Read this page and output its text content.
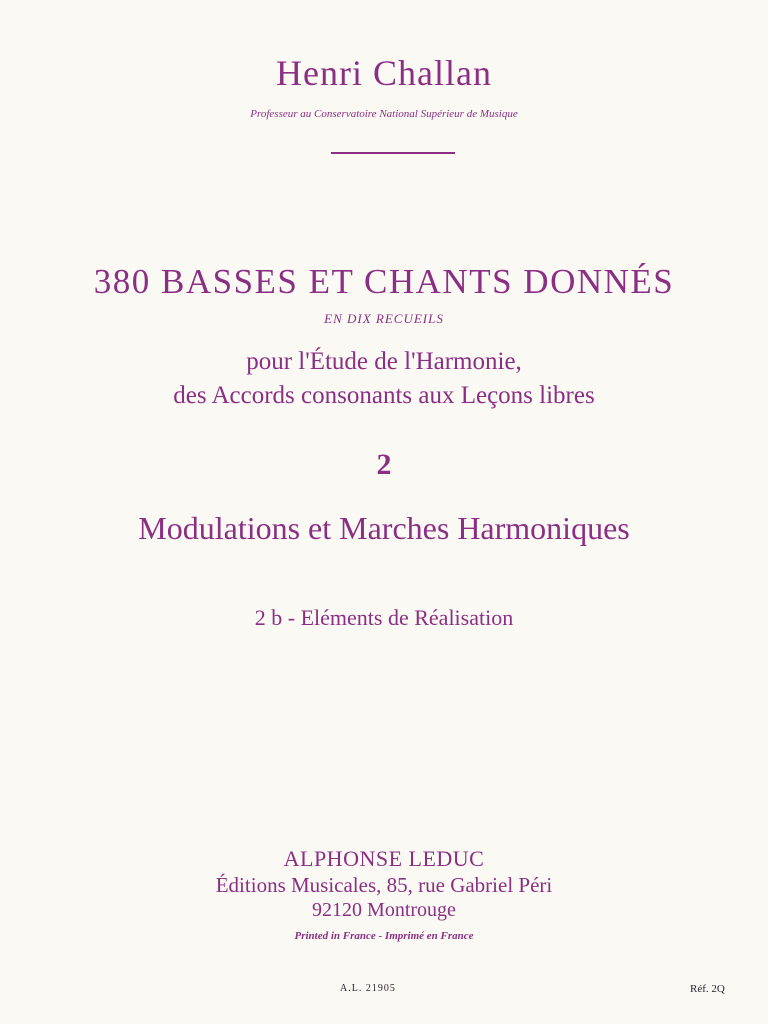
Henri Challan
Professeur au Conservatoire National Supérieur de Musique
380 BASSES ET CHANTS DONNÉS
EN DIX RECUEILS
pour l'Étude de l'Harmonie,
des Accords consonants aux Leçons libres
2
Modulations et Marches Harmoniques
2 b - Eléments de Réalisation
ALPHONSE LEDUC
Éditions Musicales, 85, rue Gabriel Péri
92120 Montrouge
Printed in France - Imprimé en France
A.L. 21905	Réf. 2Q
